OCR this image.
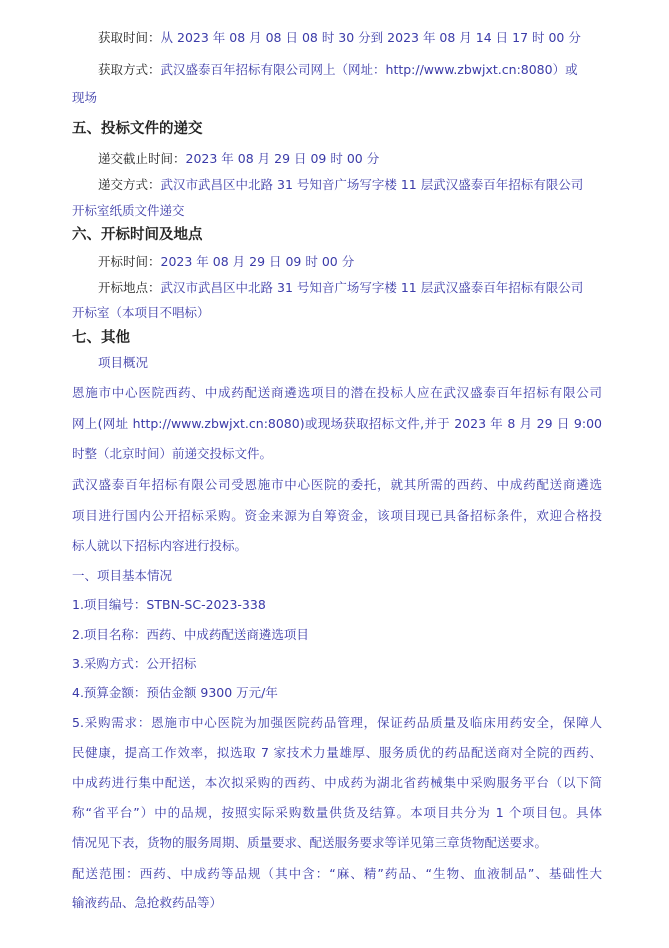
获取时间：从 2023 年 08 月 08 日 08 时 30 分到 2023 年 08 月 14 日 17 时 00 分
获取方式：武汉盛泰百年招标有限公司网上（网址：http://www.zbwjxt.cn:8080）或
现场
五、投标文件的递交
递交截止时间：2023 年 08 月 29 日 09 时 00 分
递交方式：武汉市武昌区中北路 31 号知音广场写字楼 11 层武汉盛泰百年招标有限公司
开标室纸质文件递交
六、开标时间及地点
开标时间：2023 年 08 月 29 日 09 时 00 分
开标地点：武汉市武昌区中北路 31 号知音广场写字楼 11 层武汉盛泰百年招标有限公司
开标室（本项目不唱标）
七、其他
项目概况
恩施市中心医院西药、中成药配送商遴选项目的潜在投标人应在武汉盛泰百年招标有限公司
网上(网址 http://www.zbwjxt.cn:8080)或现场获取招标文件,并于 2023 年 8 月 29 日 9:00
时整（北京时间）前递交投标文件。
武汉盛泰百年招标有限公司受恩施市中心医院的委托，就其所需的西药、中成药配送商遴选
项目进行国内公开招标采购。资金来源为自筹资金，该项目现已具备招标条件，欢迎合格投
标人就以下招标内容进行投标。
一、项目基本情况
1.项目编号：STBN-SC-2023-338
2.项目名称：西药、中成药配送商遴选项目
3.采购方式：公开招标
4.预算金额：预估金额 9300 万元/年
5.采购需求：恩施市中心医院为加强医院药品管理，保证药品质量及临床用药安全，保障人
民健康，提高工作效率，拟选取 7 家技术力量雄厚、服务质优的药品配送商对全院的西药、
中成药进行集中配送，本次拟采购的西药、中成药为湖北省药械集中采购服务平台（以下简
称“省平台”）中的品规，按照实际采购数量供货及结算。本项目共分为 1 个项目包。具体
情况见下表，货物的服务周期、质量要求、配送服务要求等详见第三章货物配送要求。
配送范围：西药、中成药等品规（其中含：“麻、精”药品、“生物、血液制品”、基础性大
输液药品、急抢救药品等）
